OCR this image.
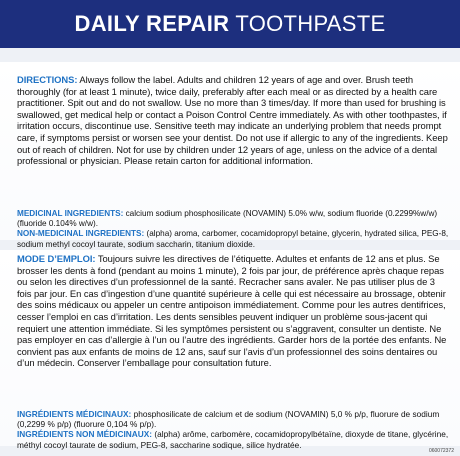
DAILY REPAIR TOOTHPASTE
DIRECTIONS: Always follow the label. Adults and children 12 years of age and over. Brush teeth thoroughly (for at least 1 minute), twice daily, preferably after each meal or as directed by a health care practitioner. Spit out and do not swallow. Use no more than 3 times/day. If more than used for brushing is swallowed, get medical help or contact a Poison Control Centre immediately. As with other toothpastes, if irritation occurs, discontinue use. Sensitive teeth may indicate an underlying problem that needs prompt care, if symptoms persist or worsen see your dentist. Do not use if allergic to any of the ingredients. Keep out of reach of children. Not for use by children under 12 years of age, unless on the advice of a dental professional or physician. Please retain carton for additional information.
MEDICINAL INGREDIENTS: calcium sodium phosphosilicate (NOVAMIN) 5.0% w/w, sodium fluoride (0.2299%w/w) (fluoride 0.104% w/w).
NON-MEDICINAL INGREDIENTS: (alpha) aroma, carbomer, cocamidopropyl betaine, glycerin, hydrated silica, PEG-8, sodium methyl cocoyl taurate, sodium saccharin, titanium dioxide.
MODE D’EMPLOI: Toujours suivre les directives de l’étiquette. Adultes et enfants de 12 ans et plus. Se brosser les dents à fond (pendant au moins 1 minute), 2 fois par jour, de préférence après chaque repas ou selon les directives d’un professionnel de la santé. Recracher sans avaler. Ne pas utiliser plus de 3 fois par jour. En cas d’ingestion d’une quantité supérieure à celle qui est nécessaire au brossage, obtenir des soins médicaux ou appeler un centre antipoison immédiatement. Comme pour les autres dentifrices, cesser l’emploi en cas d’irritation. Les dents sensibles peuvent indiquer un problème sous-jacent qui requiert une attention immédiate. Si les symptômes persistent ou s’aggravent, consulter un dentiste. Ne pas employer en cas d’allergie à l’un ou l’autre des ingrédients. Garder hors de la portée des enfants. Ne convient pas aux enfants de moins de 12 ans, sauf sur l’avis d’un professionnel des soins dentaires ou d’un médecin. Conserver l’emballage pour consultation future.
INGRÉDIENTS MÉDICINAUX: phosphosilicate de calcium et de sodium (NOVAMIN) 5,0 % p/p, fluorure de sodium (0,2299 % p/p) (fluorure 0,104 % p/p).
INGRÉDIENTS NON MÉDICINAUX: (alpha) arôme, carbomère, cocamidopropylbétaïne, dioxyde de titane, glycérine, méthyl cocoyl taurate de sodium, PEG-8, saccharine sodique, silice hydratée.
060072372
